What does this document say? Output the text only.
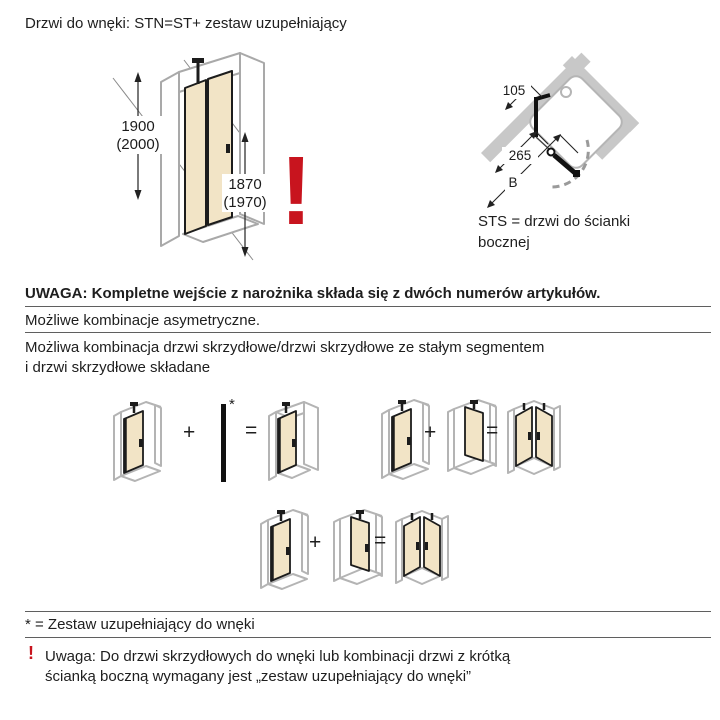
Drzwi do wnęki: STN=ST+ zestaw uzupełniający
1900
(2000)
1870
(1970) !
105
265
B
STS = drzwi do ścianki
bocznej
UWAGA: Kompletne wejście z narożnika składa się z dwóch numerów artykułów.
Możliwe kombinacje asymetryczne.
Możliwa kombinacja drzwi skrzydłowe/drzwi skrzydłowe ze stałym segmentem
i drzwi skrzydłowe składane
+
*
=	+ =
+	=
* = Zestaw uzupełniający do wnęki
! Uwaga: Do drzwi skrzydłowych do wnęki lub kombinacji drzwi z krótką
ścianką boczną wymagany jest „zestaw uzupełniający do wnęki”
